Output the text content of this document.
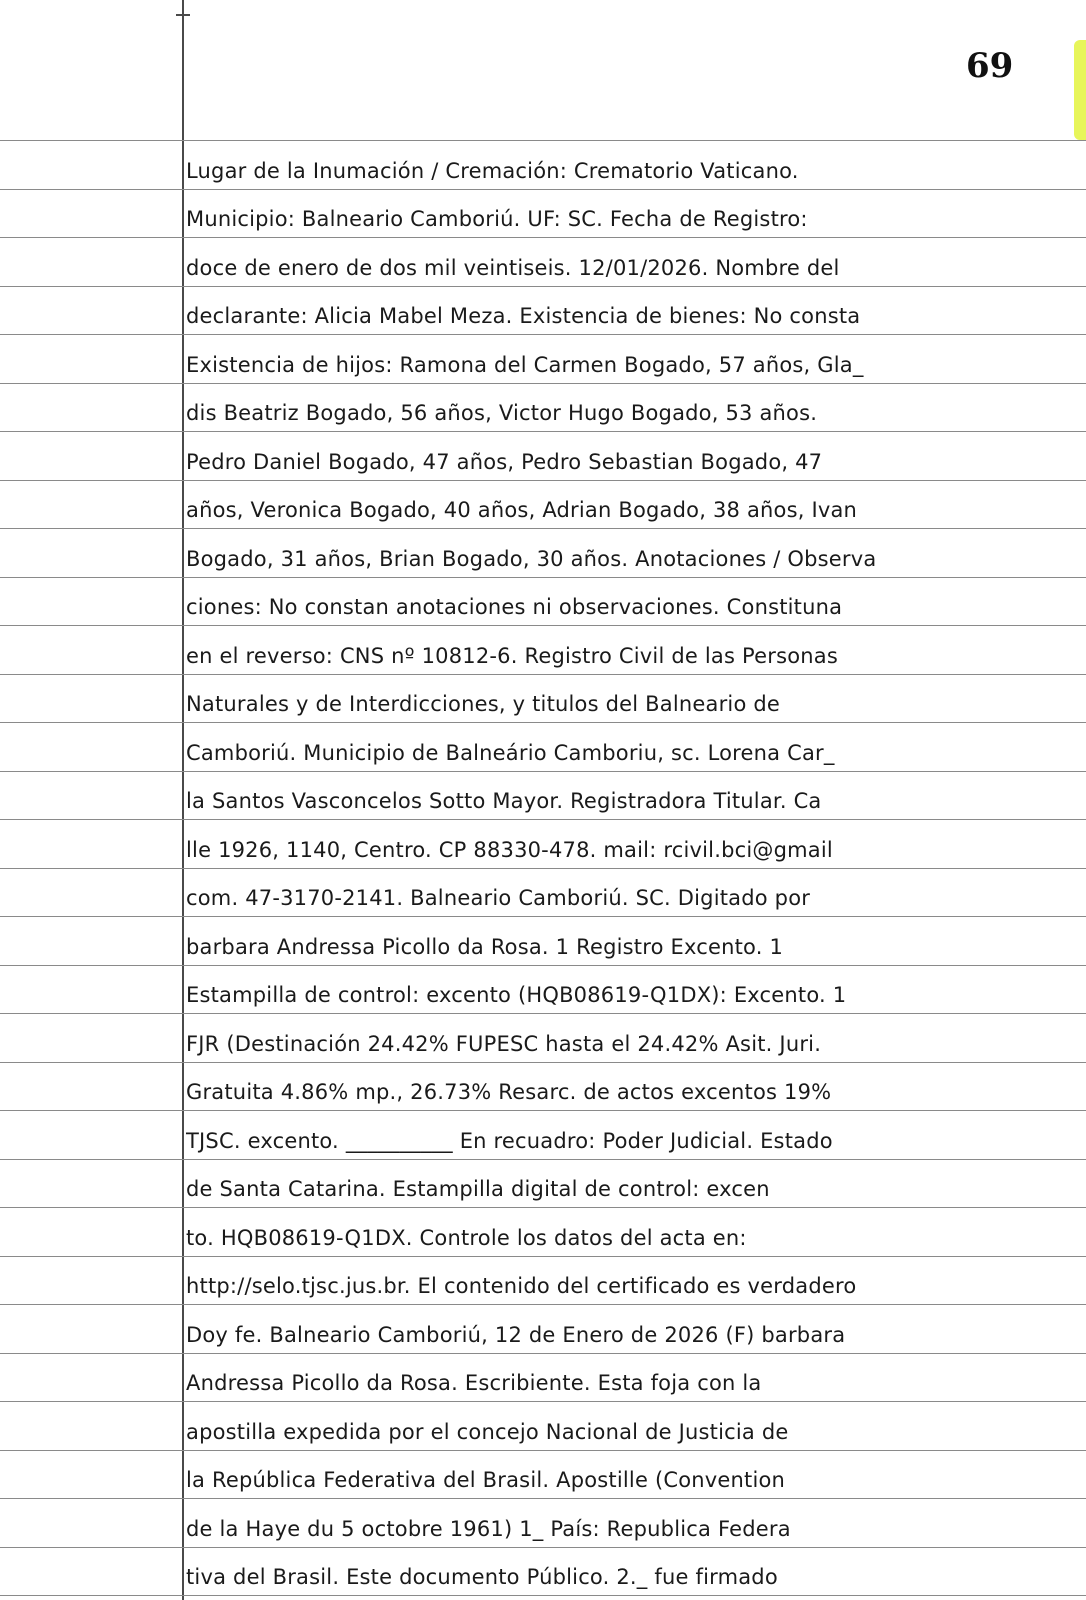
69
Lugar de la Inumación / Cremación: Crematorio Vaticano.
Municipio: Balneario Camboriú. UF: SC. Fecha de Registro:
doce de enero de dos mil veintiseis. 12/01/2026. Nombre del
declarante: Alicia Mabel Meza. Existencia de bienes: No consta
Existencia de hijos: Ramona del Carmen Bogado, 57 años, Gla_
dis Beatriz Bogado, 56 años, Victor Hugo Bogado, 53 años.
Pedro Daniel Bogado, 47 años, Pedro Sebastian Bogado, 47
años, Veronica Bogado, 40 años, Adrian Bogado, 38 años, Ivan
Bogado, 31 años, Brian Bogado, 30 años. Anotaciones / Observa
ciones: No constan anotaciones ni observaciones. Constituna
en el reverso: CNS nº 10812-6. Registro Civil de las Personas
Naturales y de Interdicciones, y titulos del Balneario de
Camboriú. Municipio de Balneário Camboriu, sc. Lorena Car_
la Santos Vasconcelos Sotto Mayor. Registradora Titular. Ca
lle 1926, 1140, Centro. CP 88330-478. mail: rcivil.bci@gmail
com. 47-3170-2141. Balneario Camboriú. SC. Digitado por
barbara Andressa Picollo da Rosa. 1 Registro Excento. 1
Estampilla de control: excento (HQB08619-Q1DX): Excento. 1
FJR (Destinación 24.42% FUPESC hasta el 24.42% Asit. Juri.
Gratuita 4.86% mp., 26.73% Resarc. de actos excentos 19%
TJSC. excento. __________ En recuadro: Poder Judicial. Estado
de Santa Catarina. Estampilla digital de control: excen
to. HQB08619-Q1DX. Controle los datos del acta en:
http://selo.tjsc.jus.br. El contenido del certificado es verdadero
Doy fe. Balneario Camboriú, 12 de Enero de 2026 (F) barbara
Andressa Picollo da Rosa. Escribiente. Esta foja con la
apostilla expedida por el concejo Nacional de Justicia de
la República Federativa del Brasil. Apostille (Convention
de la Haye du 5 octobre 1961) 1_ País: Republica Federa
tiva del Brasil. Este documento Público. 2._ fue firmado
